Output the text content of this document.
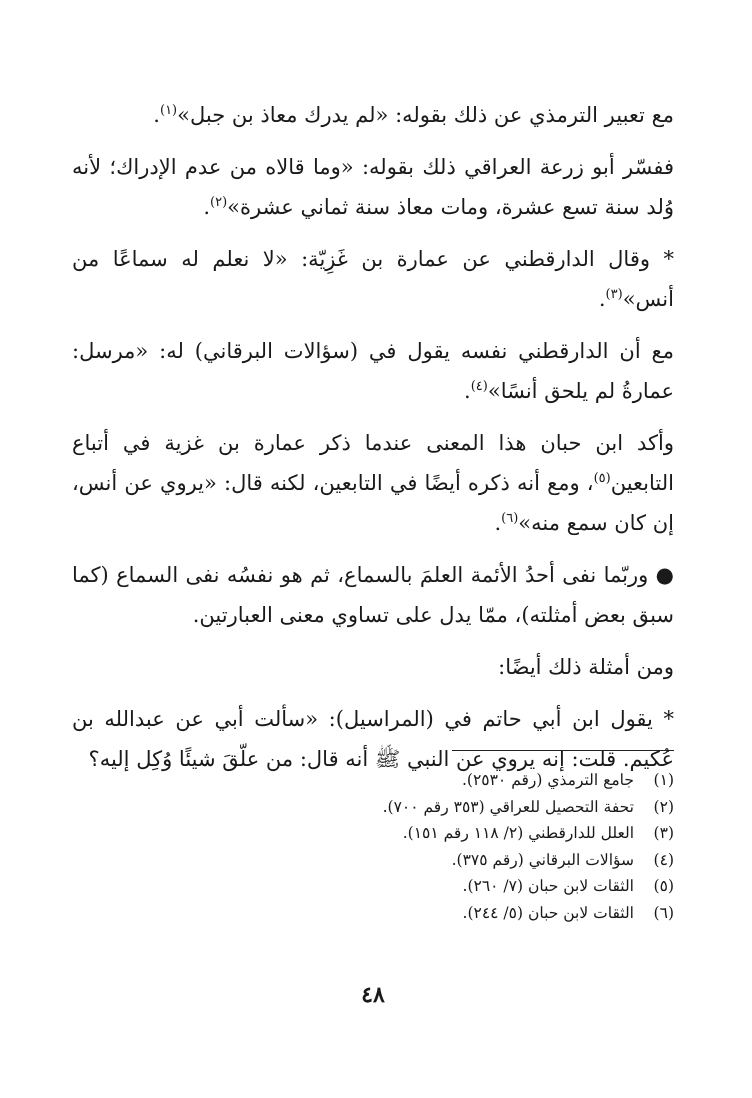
مع تعبير الترمذي عن ذلك بقوله: «لم يدرك معاذ بن جبل»$^{(١)}$.

ففسّر أبو زرعة العراقي ذلك بقوله: «وما قالاه من عدم الإدراك؛ لأنه وُلد سنة تسع عشرة، ومات معاذ سنة ثماني عشرة»$^{(٢)}$.

* وقال الدارقطني عن عمارة بن غَزِيّة: «لا نعلم له سماعًا من أنس»$^{(٣)}$.

مع أن الدارقطني نفسه يقول في (سؤالات البرقاني) له: «مرسل: عمارةُ لم يلحق أنسًا»$^{(٤)}$.

وأكد ابن حبان هذا المعنى عندما ذكر عمارة بن غزية في أتباع التابعين$^{(٥)}$، ومع أنه ذكره أيضًا في التابعين، لكنه قال: «يروي عن أنس، إن كان سمع منه»$^{(٦)}$.

● وربّما نفى أحدُ الأئمة العلمَ بالسماع، ثم هو نفسُه نفى السماع (كما سبق بعض أمثلته)، ممّا يدل على تساوي معنى العبارتين.

ومن أمثلة ذلك أيضًا:

* يقول ابن أبي حاتم في (المراسيل): «سألت أبي عن عبدالله بن عُكيم. قلت: إنه يروي عن النبي ﷺ أنه قال: من علّقَ شيئًا وُكِل إليه؟

(١)
جامع الترمذي (رقم ٢٥٣٠).
(٢)
تحفة التحصيل للعراقي (٣٥٣ رقم ٧٠٠).
(٣)
العلل للدارقطني (٢/ ١١٨ رقم ١٥١).
(٤)
سؤالات البرقاني (رقم ٣٧٥).
(٥)
الثقات لابن حبان (٧/ ٢٦٠).
(٦)
الثقات لابن حبان (٥/ ٢٤٤).
٤٨
